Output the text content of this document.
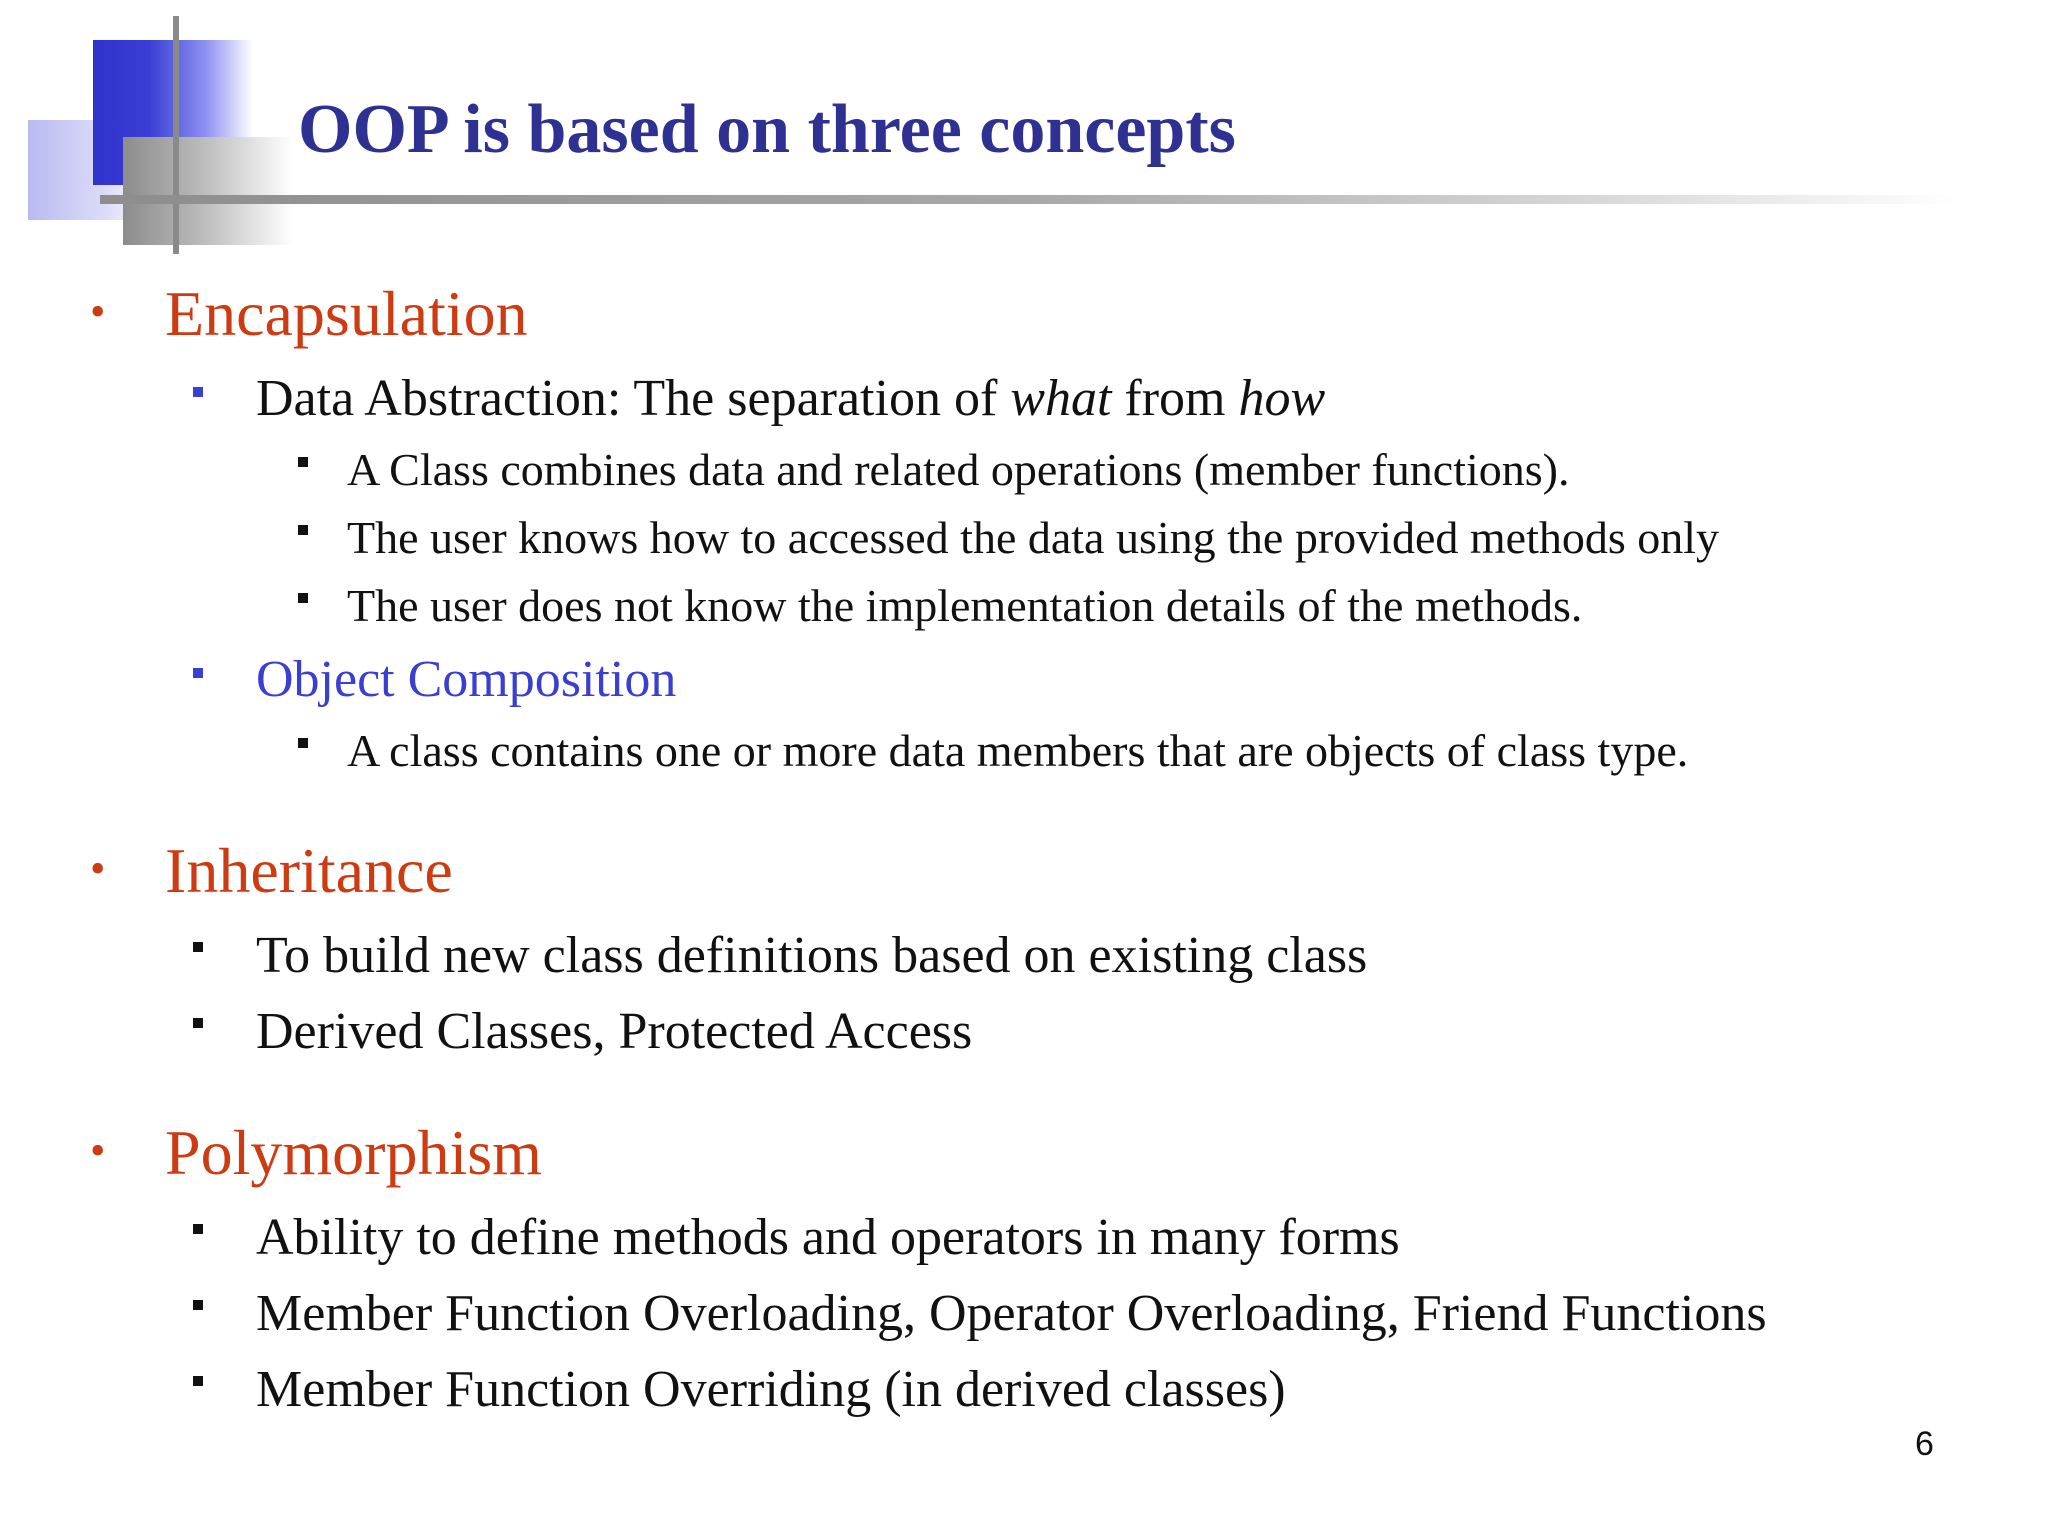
OOP is based on three concepts
• Encapsulation
Data Abstraction: The separation of what from how
A Class combines data and related operations (member functions).
The user knows how to accessed the data using the provided methods only
The user does not know the implementation details of the methods.
Object Composition
A class contains one or more data members that are objects of class type.
• Inheritance
To build new class definitions based on existing class
Derived Classes, Protected Access
• Polymorphism
Ability to define methods and operators in many forms
Member Function Overloading, Operator Overloading, Friend Functions
Member Function Overriding (in derived classes)
6
